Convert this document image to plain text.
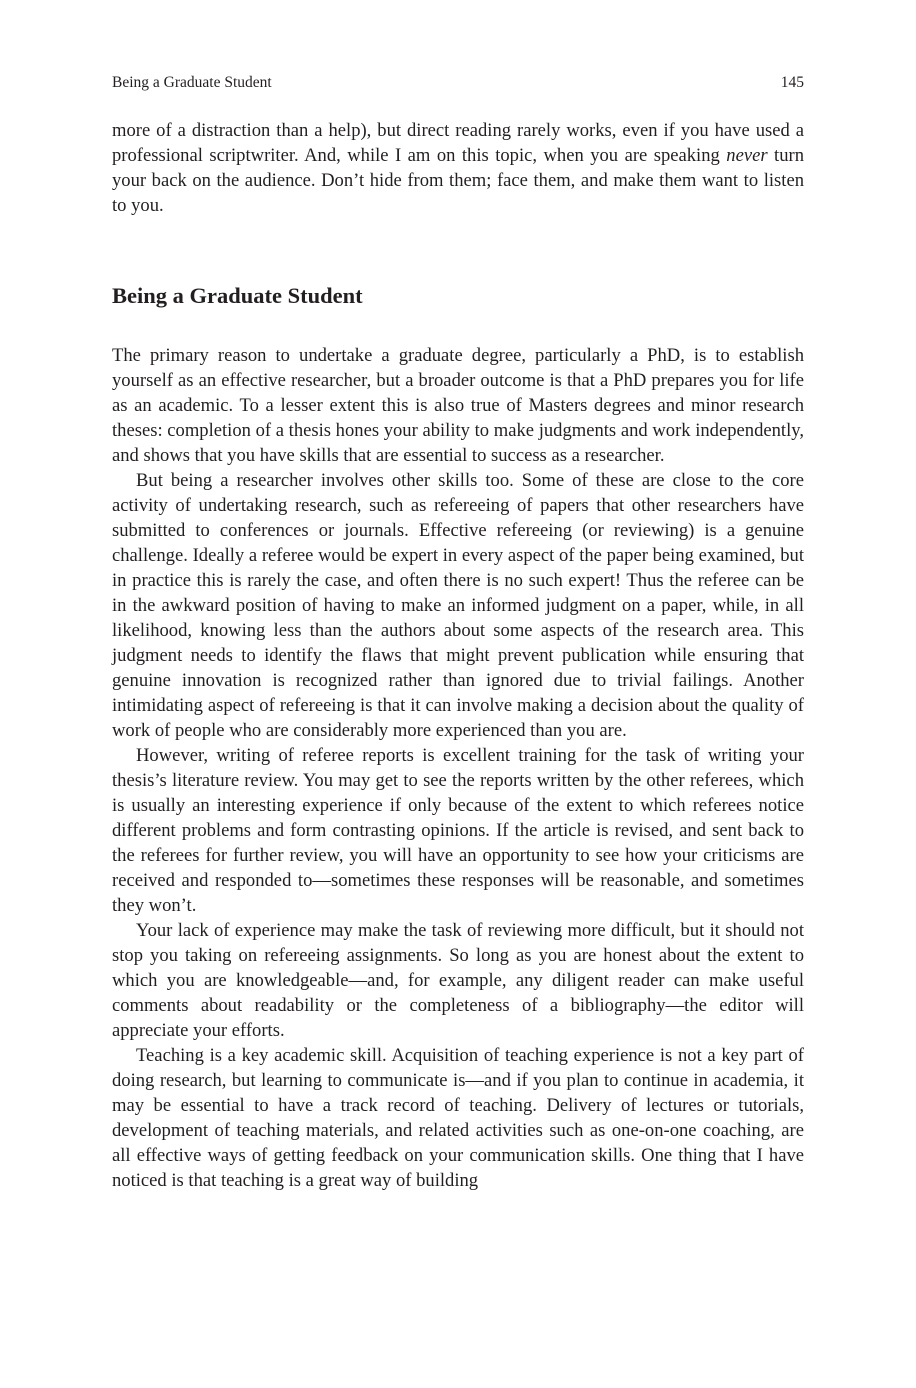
Being a Graduate Student	145

more of a distraction than a help), but direct reading rarely works, even if you have used a professional scriptwriter. And, while I am on this topic, when you are speaking never turn your back on the audience. Don’t hide from them; face them, and make them want to listen to you.

Being a Graduate Student

The primary reason to undertake a graduate degree, particularly a PhD, is to establish yourself as an effective researcher, but a broader outcome is that a PhD prepares you for life as an academic. To a lesser extent this is also true of Masters degrees and minor research theses: completion of a thesis hones your ability to make judgments and work independently, and shows that you have skills that are essential to success as a researcher.

But being a researcher involves other skills too. Some of these are close to the core activity of undertaking research, such as refereeing of papers that other researchers have submitted to conferences or journals. Effective refereeing (or reviewing) is a genuine challenge. Ideally a referee would be expert in every aspect of the paper being examined, but in practice this is rarely the case, and often there is no such expert! Thus the referee can be in the awkward position of having to make an informed judgment on a paper, while, in all likelihood, knowing less than the authors about some aspects of the research area. This judgment needs to identify the flaws that might prevent publication while ensuring that genuine innovation is recognized rather than ignored due to trivial failings. Another intimidating aspect of refereeing is that it can involve making a decision about the quality of work of people who are considerably more experienced than you are.

However, writing of referee reports is excellent training for the task of writing your thesis’s literature review. You may get to see the reports written by the other referees, which is usually an interesting experience if only because of the extent to which referees notice different problems and form contrasting opinions. If the article is revised, and sent back to the referees for further review, you will have an opportunity to see how your criticisms are received and responded to—sometimes these responses will be reasonable, and sometimes they won’t.

Your lack of experience may make the task of reviewing more difficult, but it should not stop you taking on refereeing assignments. So long as you are honest about the extent to which you are knowledgeable—and, for example, any diligent reader can make useful comments about readability or the completeness of a bibliography—the editor will appreciate your efforts.

Teaching is a key academic skill. Acquisition of teaching experience is not a key part of doing research, but learning to communicate is—and if you plan to continue in academia, it may be essential to have a track record of teaching. Delivery of lectures or tutorials, development of teaching materials, and related activities such as one-on-one coaching, are all effective ways of getting feedback on your communication skills. One thing that I have noticed is that teaching is a great way of building
